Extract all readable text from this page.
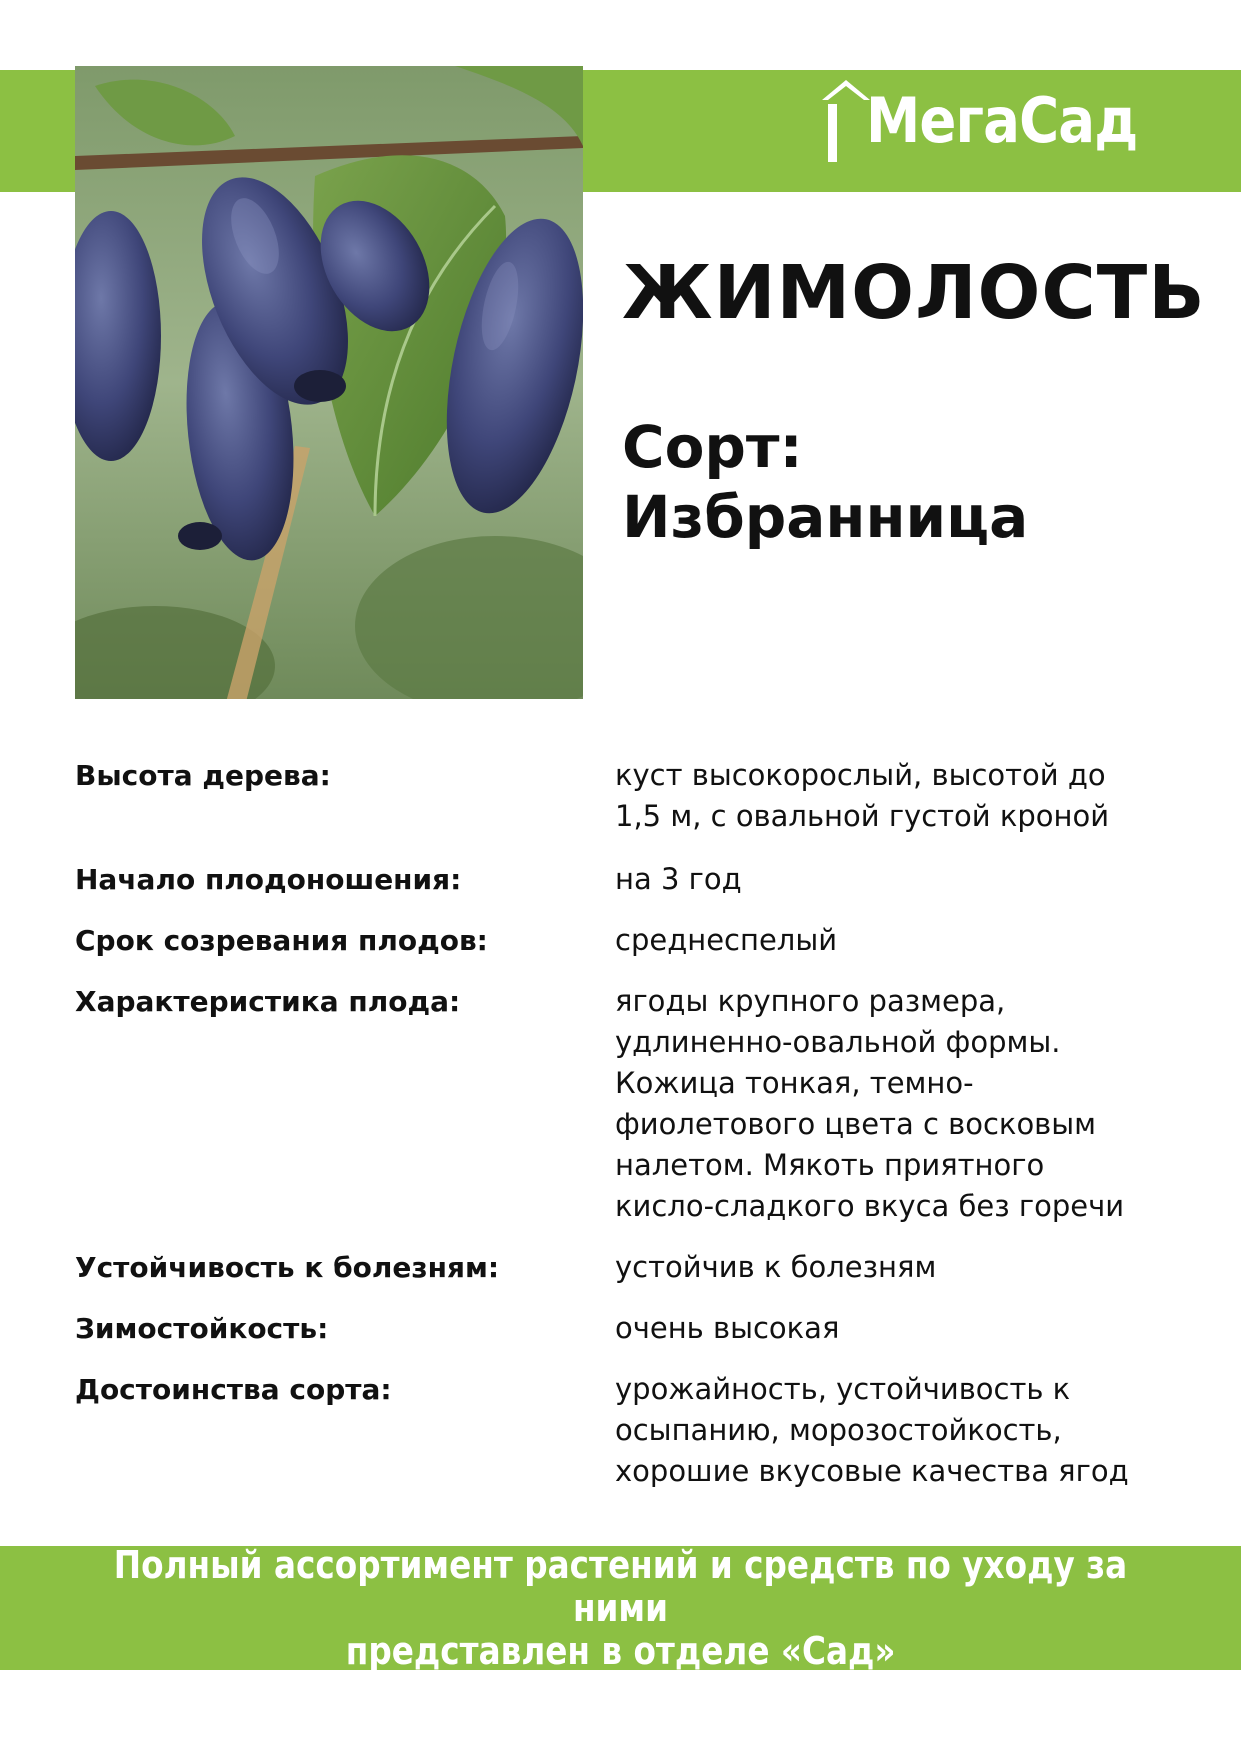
МегаСад
ЖИМОЛОСТЬ
Сорт:
Избранница
Высота дерева:	куст высокорослый, высотой до
1,5 м, с овальной густой кроной
Начало плодоношения:	на 3 год
Срок созревания плодов:	среднеспелый
Характеристика плода:	ягоды крупного размера,
удлиненно-овальной формы.
Кожица тонкая, темно-
фиолетового цвета с восковым
налетом. Мякоть приятного
кисло-сладкого вкуса без горечи
Устойчивость к болезням:	устойчив к болезням
Зимостойкость:	очень высокая
Достоинства сорта:	урожайность, устойчивость к
осыпанию, морозостойкость,
хорошие вкусовые качества ягод
Полный ассортимент растений и средств по уходу за ними
представлен в отделе «Сад»
